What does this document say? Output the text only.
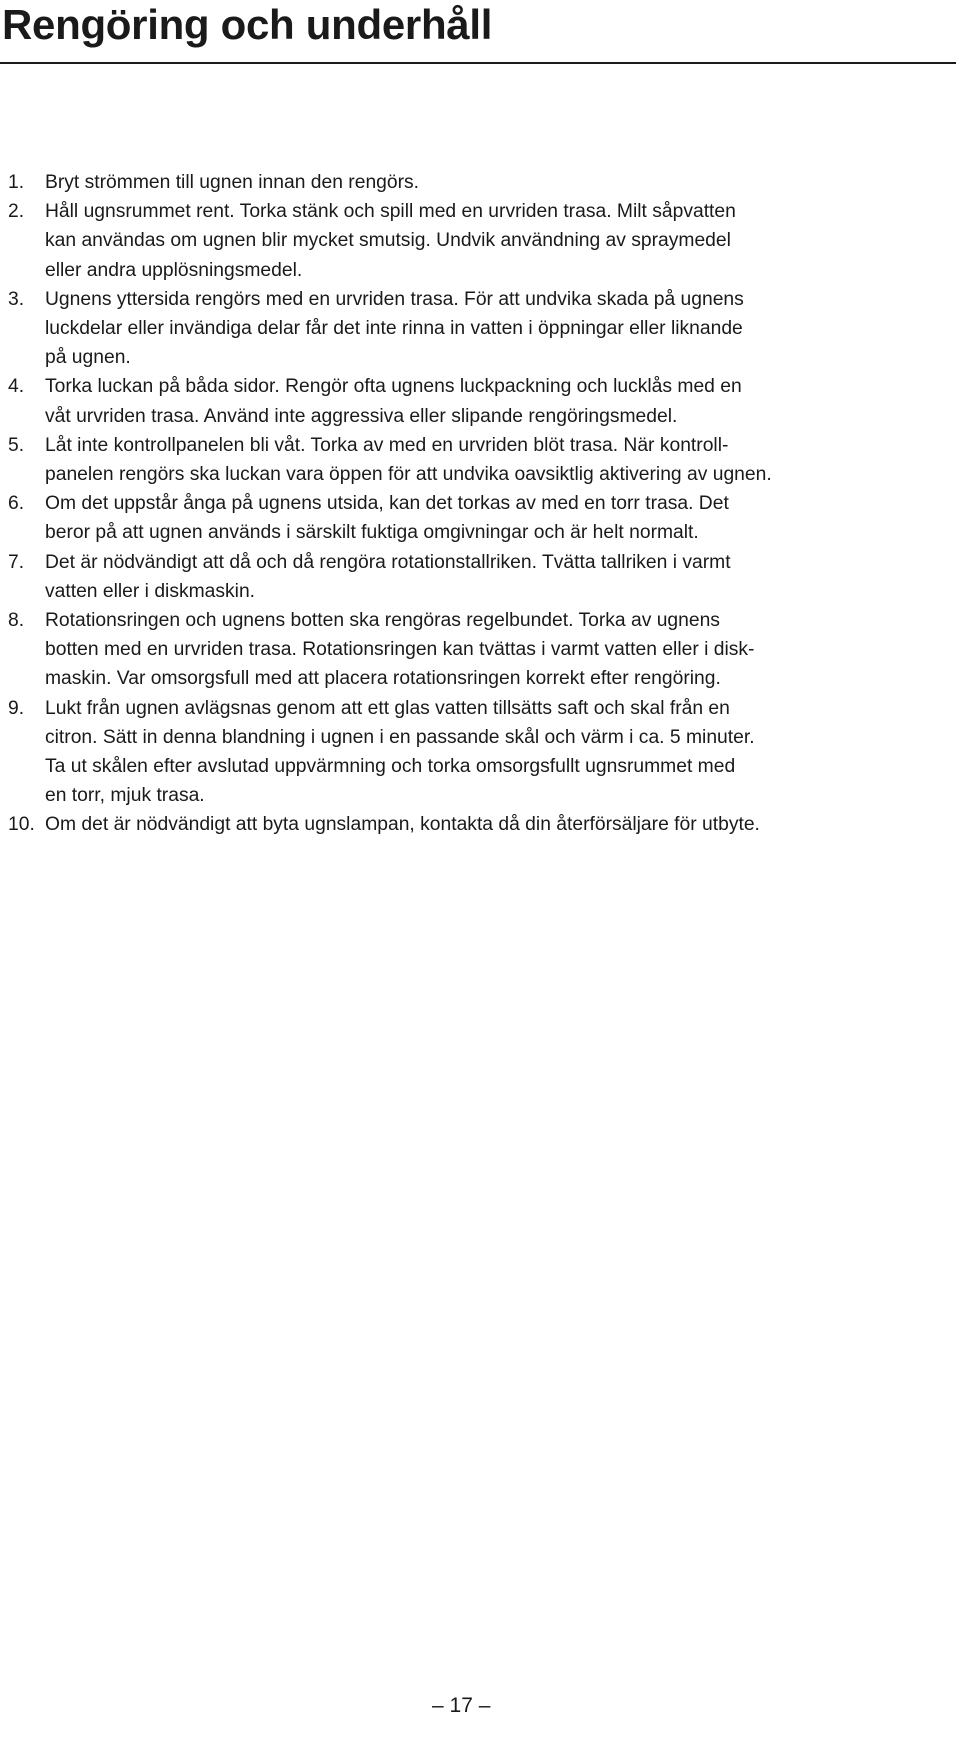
Rengöring och underhåll
1. Bryt strömmen till ugnen innan den rengörs.
2. Håll ugnsrummet rent. Torka stänk och spill med en urvriden trasa. Milt såpvatten
kan användas om ugnen blir mycket smutsig. Undvik användning av spraymedel
eller andra upplösningsmedel.
3. Ugnens yttersida rengörs med en urvriden trasa. För att undvika skada på ugnens
luckdelar eller invändiga delar får det inte rinna in vatten i öppningar eller liknande
på ugnen.
4. Torka luckan på båda sidor. Rengör ofta ugnens luckpackning och lucklås med en
våt urvriden trasa. Använd inte aggressiva eller slipande rengöringsmedel.
5. Låt inte kontrollpanelen bli våt. Torka av med en urvriden blöt trasa. När kontroll-
panelen rengörs ska luckan vara öppen för att undvika oavsiktlig aktivering av ugnen.
6. Om det uppstår ånga på ugnens utsida, kan det torkas av med en torr trasa. Det
beror på att ugnen används i särskilt fuktiga omgivningar och är helt normalt.
7. Det är nödvändigt att då och då rengöra rotationstallriken. Tvätta tallriken i varmt
vatten eller i diskmaskin.
8. Rotationsringen och ugnens botten ska rengöras regelbundet. Torka av ugnens
botten med en urvriden trasa. Rotationsringen kan tvättas i varmt vatten eller i disk-
maskin. Var omsorgsfull med att placera rotationsringen korrekt efter rengöring.
9. Lukt från ugnen avlägsnas genom att ett glas vatten tillsätts saft och skal från en
citron. Sätt in denna blandning i ugnen i en passande skål och värm i ca. 5 minuter.
Ta ut skålen efter avslutad uppvärmning och torka omsorgsfullt ugnsrummet med
en torr, mjuk trasa.
10. Om det är nödvändigt att byta ugnslampan, kontakta då din återförsäljare för utbyte.
– 17 –
